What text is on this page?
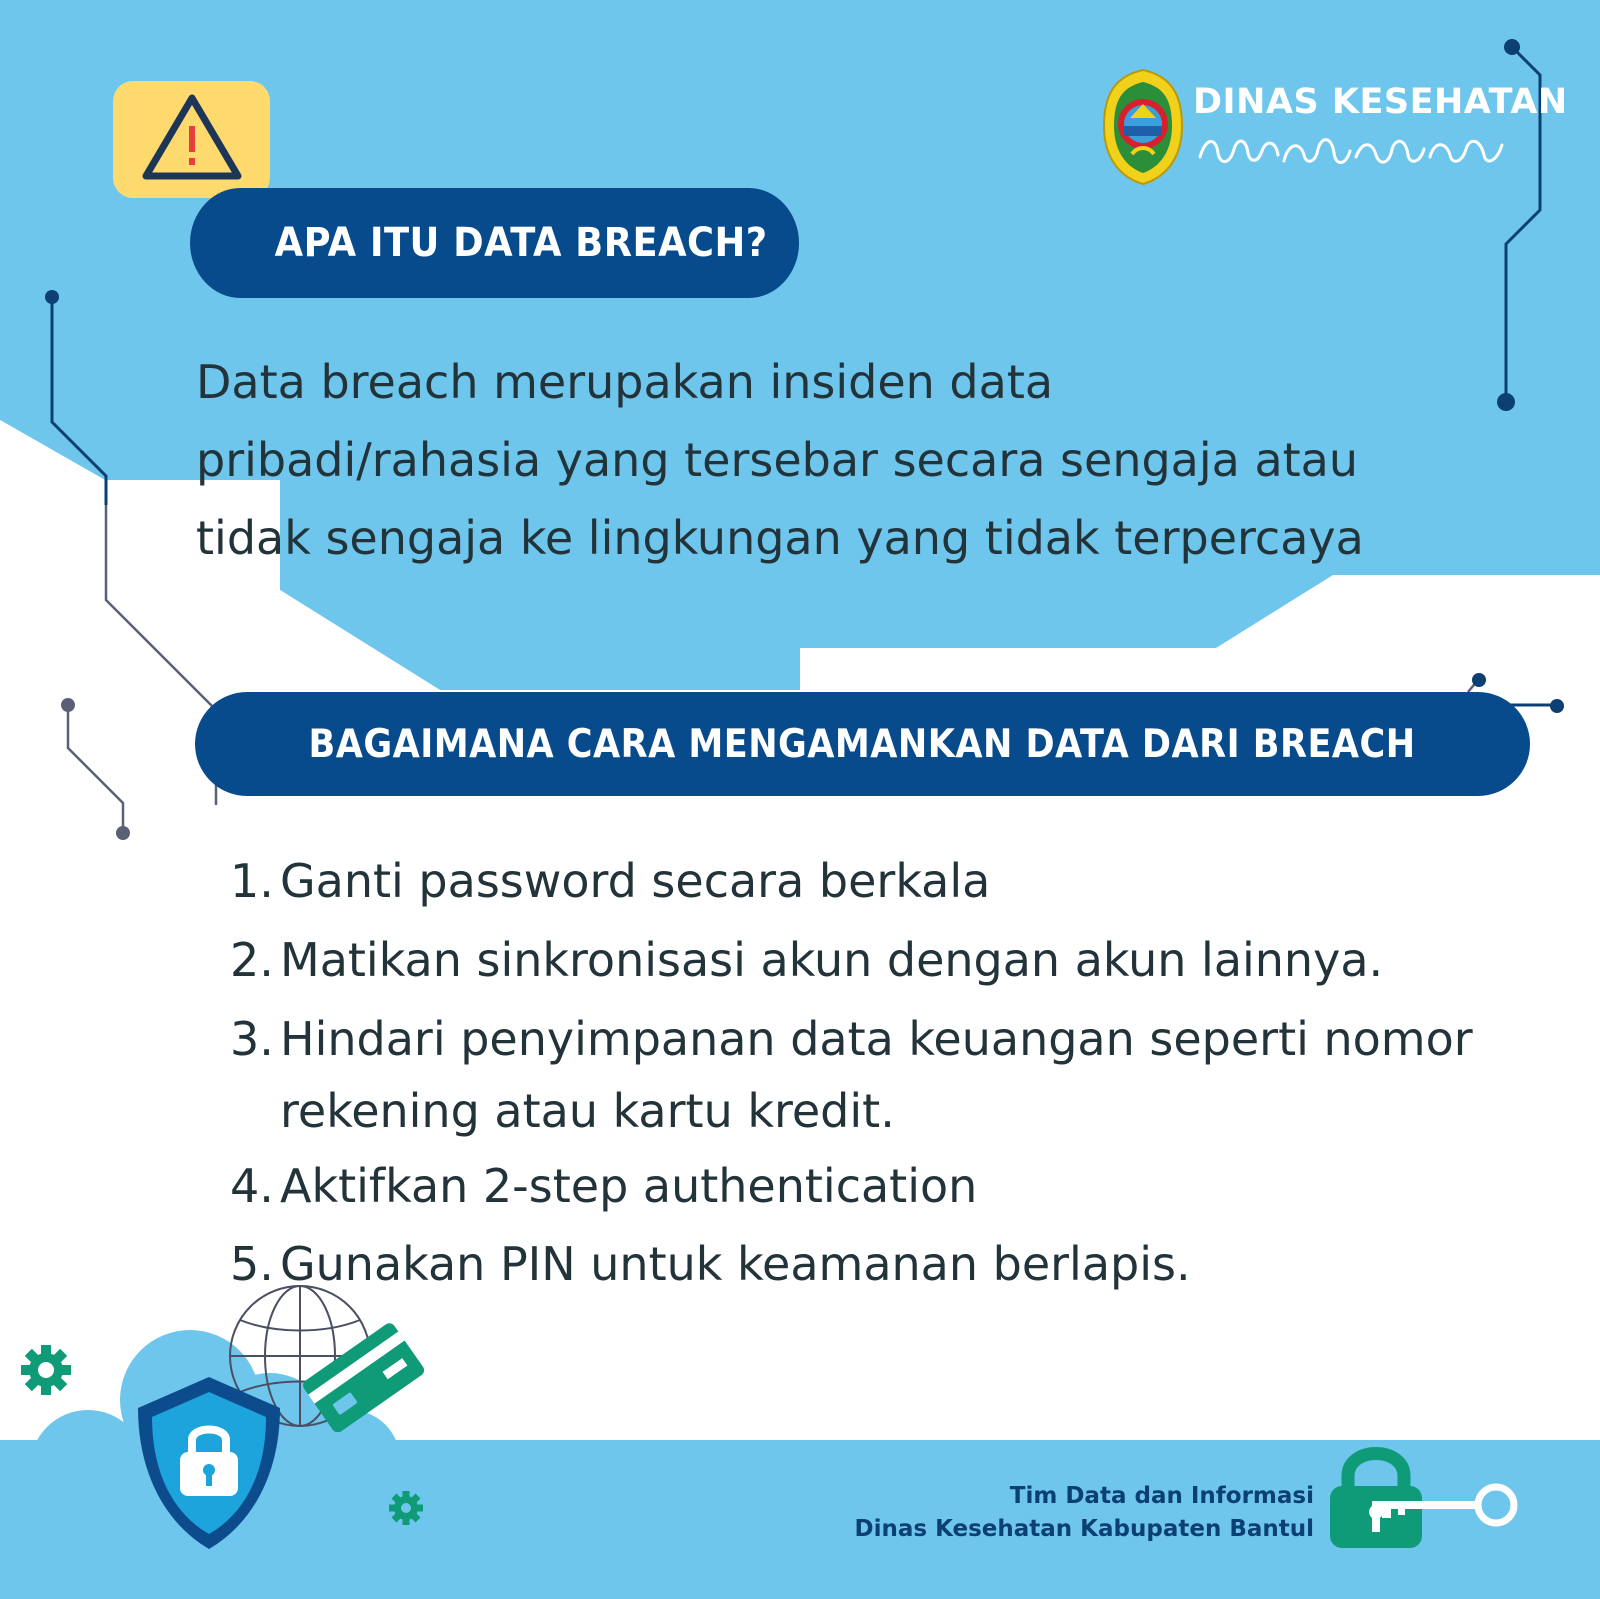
DINAS KESEHATAN
APA ITU DATA BREACH?
Data breach merupakan insiden data
pribadi/rahasia yang tersebar secara sengaja atau
tidak sengaja ke lingkungan yang tidak terpercaya
BAGAIMANA CARA MENGAMANKAN DATA DARI BREACH
1. Ganti password secara berkala
2. Matikan sinkronisasi akun dengan akun lainnya.
3. Hindari penyimpanan data keuangan seperti nomor
rekening atau kartu kredit.
4. Aktifkan 2-step authentication
5. Gunakan PIN untuk keamanan berlapis.
Tim Data dan Informasi
Dinas Kesehatan Kabupaten Bantul
